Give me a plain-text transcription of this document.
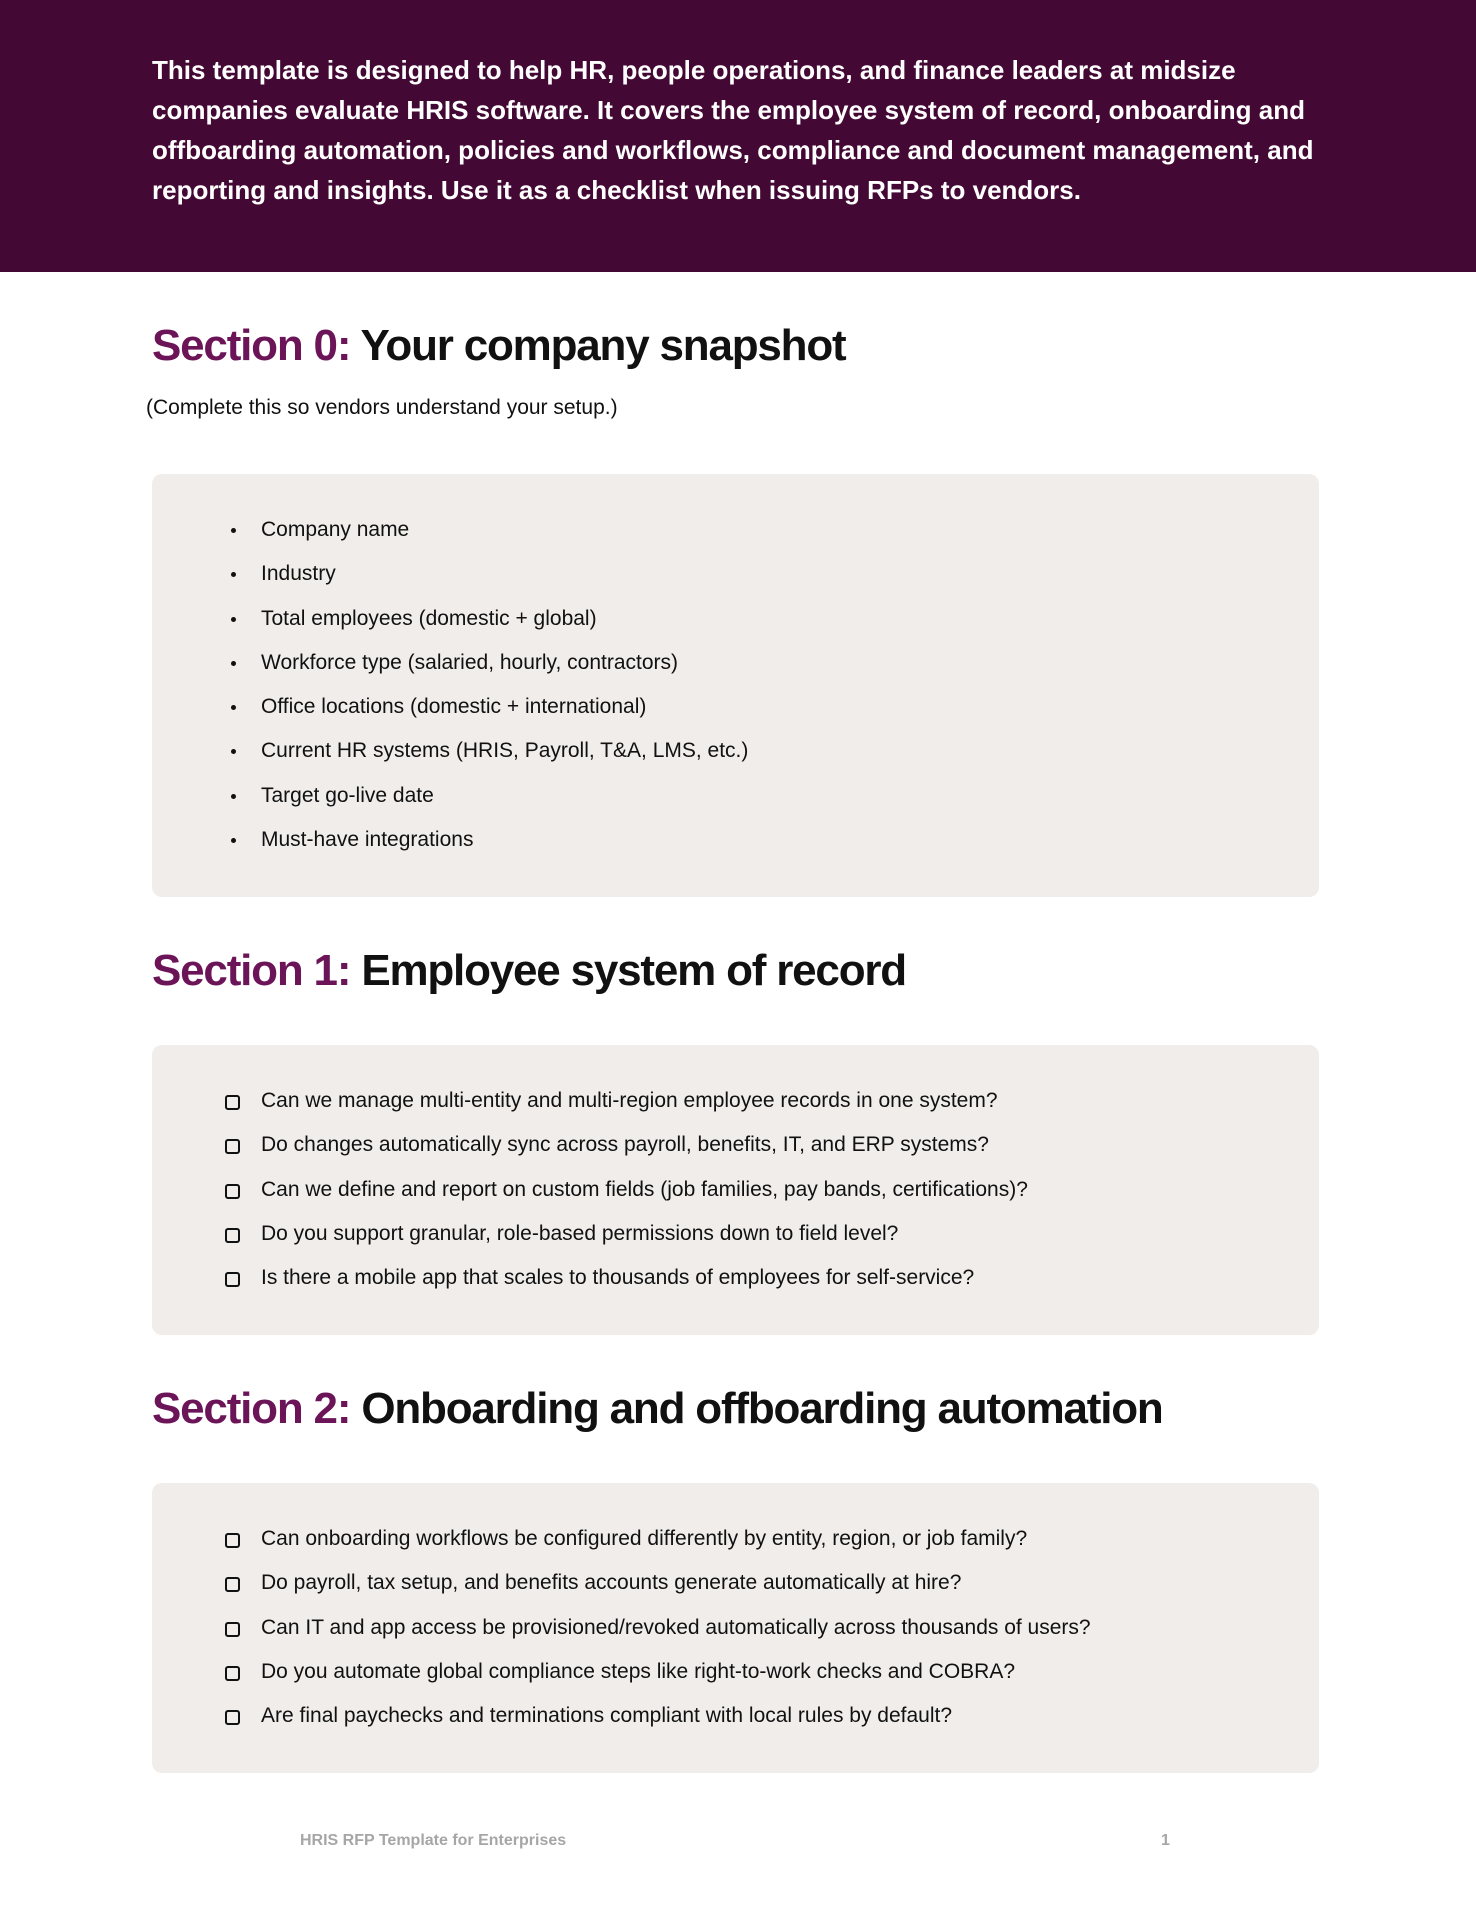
This template is designed to help HR, people operations, and finance leaders at midsize companies evaluate HRIS software. It covers the employee system of record, onboarding and offboarding automation, policies and workflows, compliance and document management, and reporting and insights. Use it as a checklist when issuing RFPs to vendors.

Section 0: Your company snapshot

(Complete this so vendors understand your setup.)

Company name
Industry
Total employees (domestic + global)
Workforce type (salaried, hourly, contractors)
Office locations (domestic + international)
Current HR systems (HRIS, Payroll, T&A, LMS, etc.)
Target go-live date
Must-have integrations
Section 1: Employee system of record
Can we manage multi-entity and multi-region employee records in one system?
Do changes automatically sync across payroll, benefits, IT, and ERP systems?
Can we define and report on custom fields (job families, pay bands, certifications)?
Do you support granular, role-based permissions down to field level?
Is there a mobile app that scales to thousands of employees for self-service?
Section 2: Onboarding and offboarding automation
Can onboarding workflows be configured differently by entity, region, or job family?
Do payroll, tax setup, and benefits accounts generate automatically at hire?
Can IT and app access be provisioned/revoked automatically across thousands of users?
Do you automate global compliance steps like right-to-work checks and COBRA?
Are final paychecks and terminations compliant with local rules by default?
HRIS RFP Template for Enterprises	1
